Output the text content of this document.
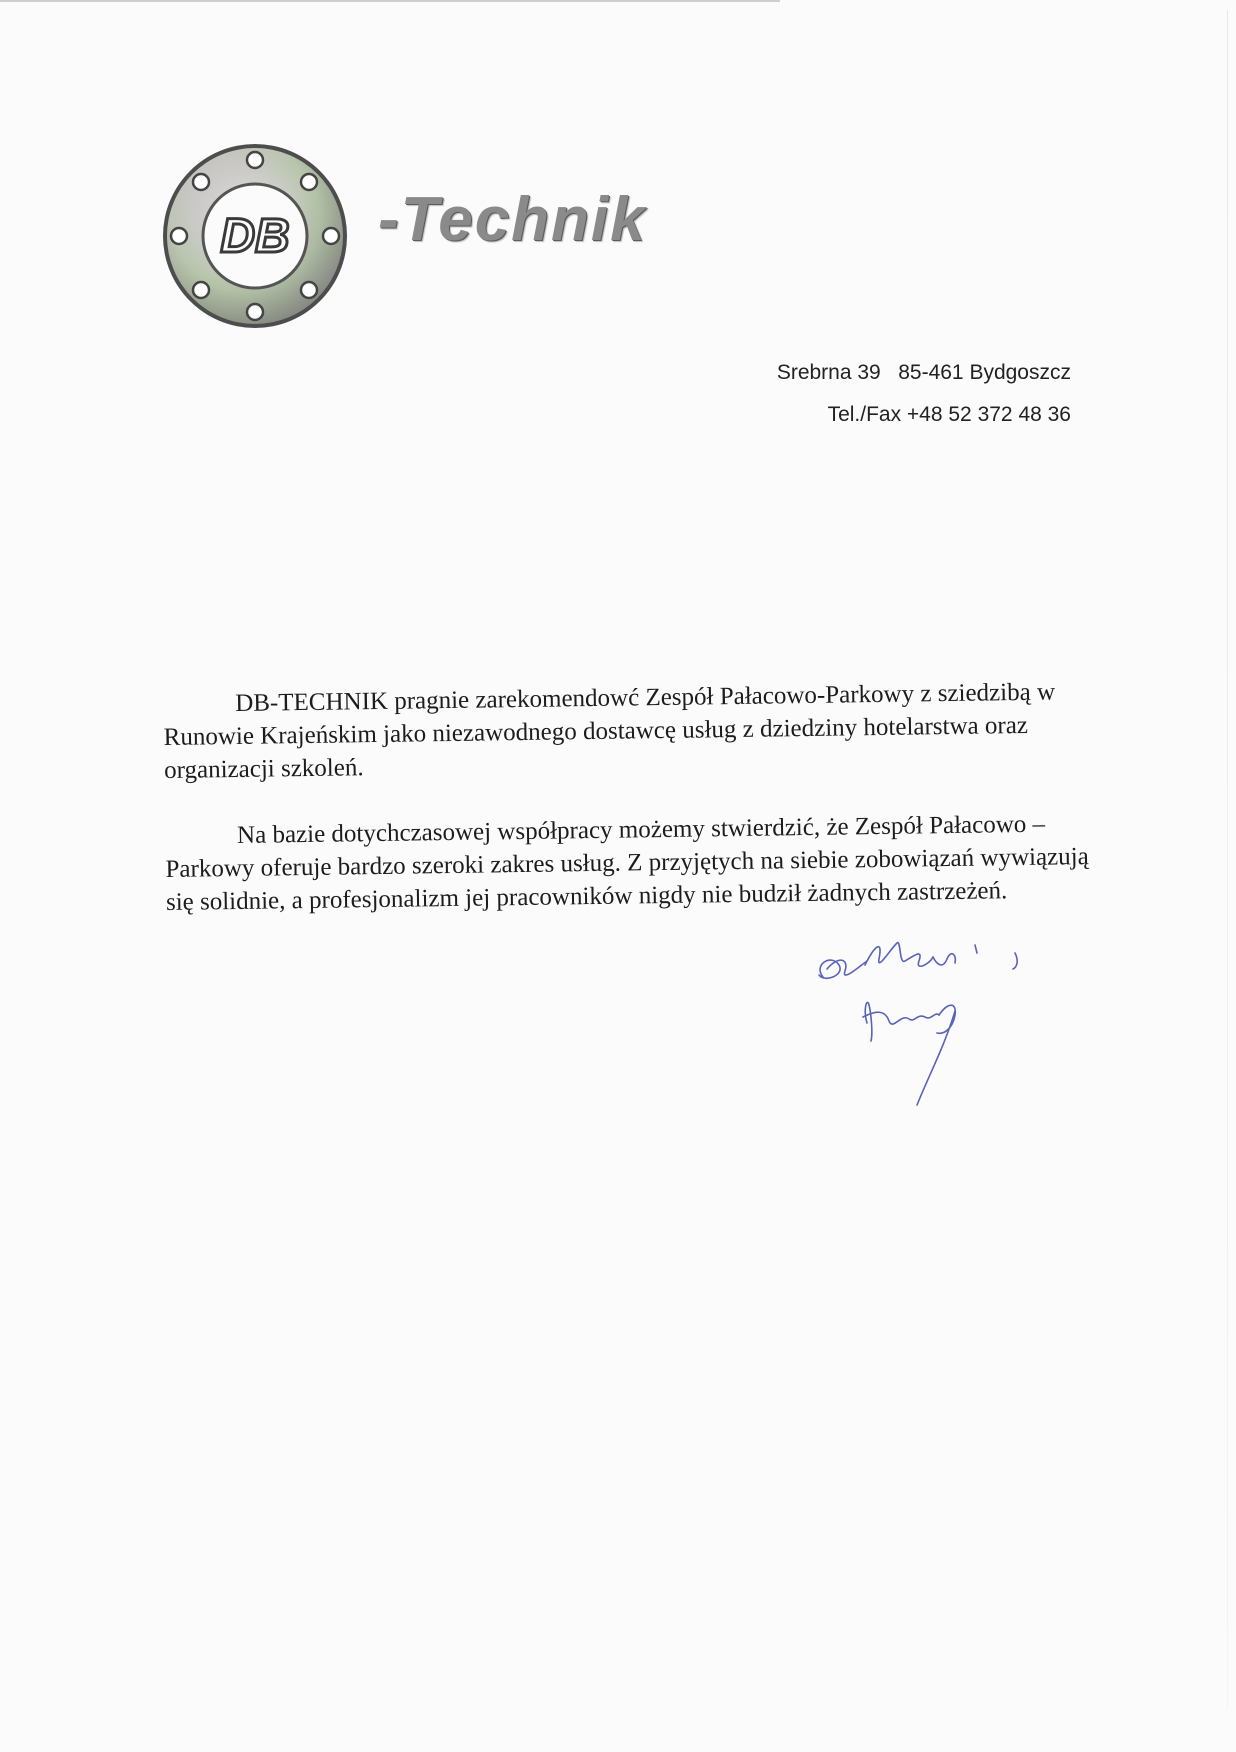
DB -Technik
Srebrna 39   85-461 Bydgoszcz
Tel./Fax +48 52 372 48 36

DB-TECHNIK pragnie zarekomendowć Zespół Pałacowo-Parkowy z sziedzibą w Runowie Krajeńskim jako niezawodnego dostawcę usług z dziedziny hotelarstwa oraz organizacji szkoleń.

Na bazie dotychczasowej współpracy możemy stwierdzić, że Zespół Pałacowo – Parkowy oferuje bardzo szeroki zakres usług. Z przyjętych na siebie zobowiązań wywiązują się solidnie, a profesjonalizm jej pracowników nigdy nie budził żadnych zastrzeżeń.
